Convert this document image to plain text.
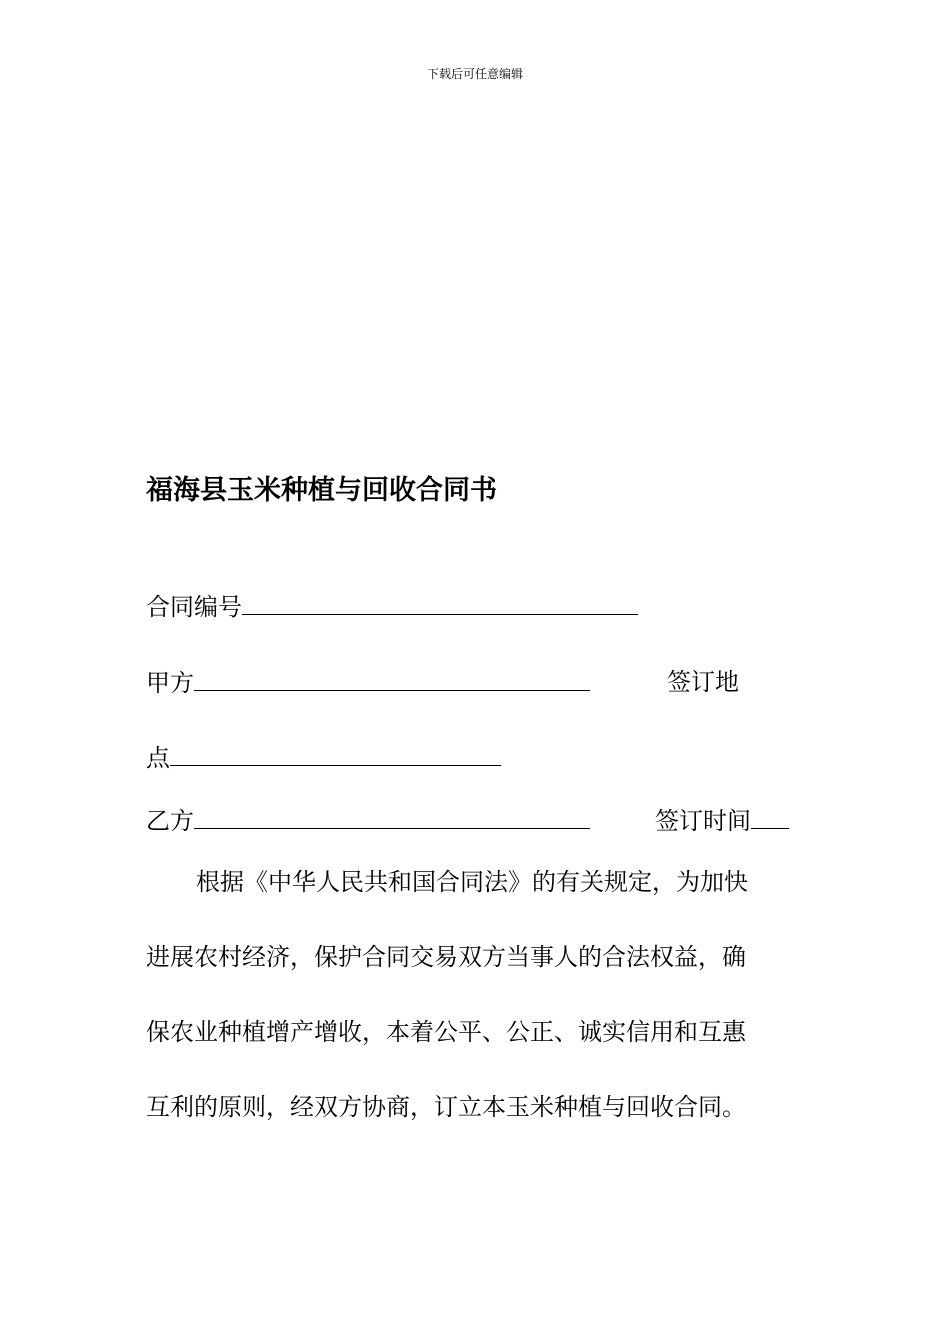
下载后可任意编辑
福海县玉米种植与回收合同书
合同编号
甲方	签订地
点
乙方	签订时间
根据《中华人民共和国合同法》的有关规定，为加快
进展农村经济，保护合同交易双方当事人的合法权益，确
保农业种植增产增收，本着公平、公正、诚实信用和互惠
互利的原则，经双方协商，订立本玉米种植与回收合同。
